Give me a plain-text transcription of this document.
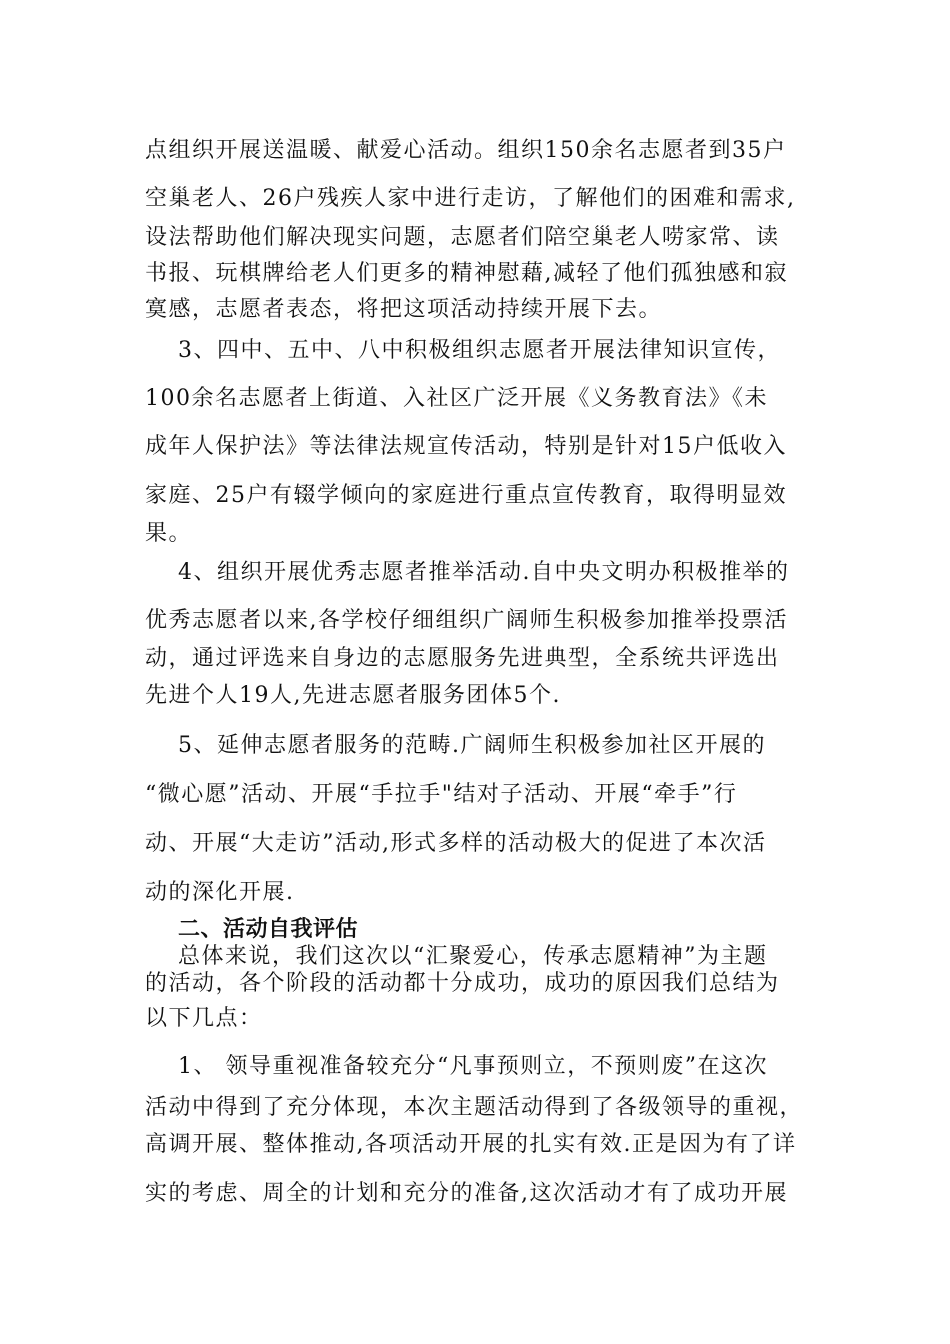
点组织开展送温暖、献爱心活动。组织150余名志愿者到35户
空巢老人、26户残疾人家中进行走访，了解他们的困难和需求,
设法帮助他们解决现实问题，志愿者们陪空巢老人唠家常、读
书报、玩棋牌给老人们更多的精神慰藉,减轻了他们孤独感和寂
寞感，志愿者表态，将把这项活动持续开展下去。
3、四中、五中、八中积极组织志愿者开展法律知识宣传，
100余名志愿者上街道、入社区广泛开展《义务教育法》《未
成年人保护法》等法律法规宣传活动，特别是针对15户低收入
家庭、25户有辍学倾向的家庭进行重点宣传教育，取得明显效
果。
4、组织开展优秀志愿者推举活动.自中央文明办积极推举的
优秀志愿者以来,各学校仔细组织广阔师生积极参加推举投票活
动，通过评选来自身边的志愿服务先进典型，全系统共评选出
先进个人19人,先进志愿者服务团体5个.
5、延伸志愿者服务的范畴.广阔师生积极参加社区开展的
“微心愿”活动、开展“手拉手"结对子活动、开展“牵手”行
动、开展“大走访”活动,形式多样的活动极大的促进了本次活
动的深化开展.
二、活动自我评估
总体来说，我们这次以“汇聚爱心，传承志愿精神”为主题
的活动，各个阶段的活动都十分成功，成功的原因我们总结为
以下几点：
1、 领导重视准备较充分“凡事预则立，不预则废”在这次
活动中得到了充分体现，本次主题活动得到了各级领导的重视，
高调开展、整体推动,各项活动开展的扎实有效.正是因为有了详
实的考虑、周全的计划和充分的准备,这次活动才有了成功开展
